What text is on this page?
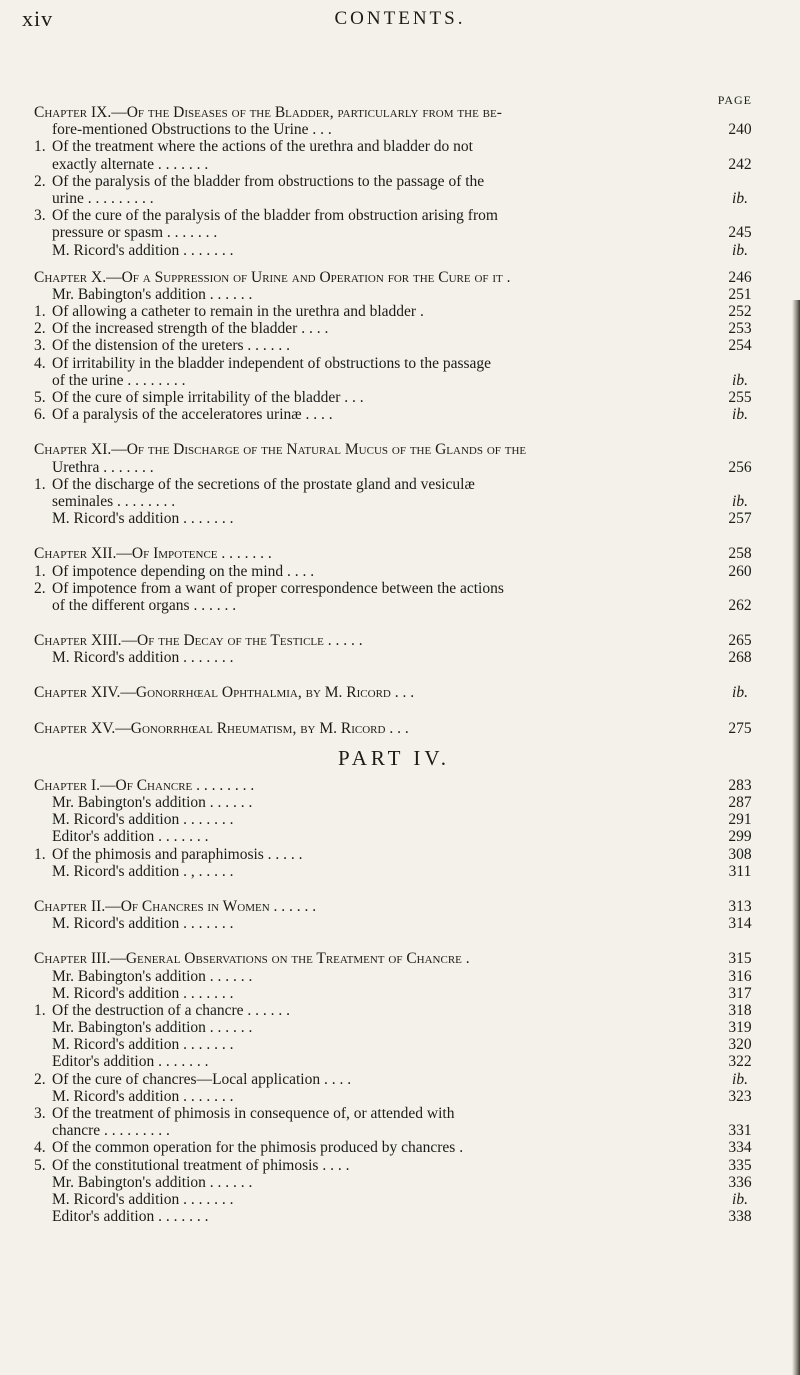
xiv	CONTENTS.
PAGE
Chapter IX.—Of the Diseases of the Bladder, particularly from the be-
fore-mentioned Obstructions to the Urine . . .	240
1. Of the treatment where the actions of the urethra and bladder do not
exactly alternate . . . . . . .	242
2. Of the paralysis of the bladder from obstructions to the passage of the
urine . . . . . . . . .	ib.
3. Of the cure of the paralysis of the bladder from obstruction arising from
pressure or spasm . . . . . . .	245
M. Ricord's addition . . . . . . .	ib.
Chapter X.—Of a Suppression of Urine and Operation for the Cure of it .	246
Mr. Babington's addition . . . . . .	251
1. Of allowing a catheter to remain in the urethra and bladder .	252
2. Of the increased strength of the bladder . . . .	253
3. Of the distension of the ureters . . . . . .	254
4. Of irritability in the bladder independent of obstructions to the passage
of the urine . . . . . . . .	ib.
5. Of the cure of simple irritability of the bladder . . .	255
6. Of a paralysis of the acceleratores urinæ . . . .	ib.
Chapter XI.—Of the Discharge of the Natural Mucus of the Glands of the
Urethra . . . . . . .	256
1. Of the discharge of the secretions of the prostate gland and vesiculæ
seminales . . . . . . . .	ib.
M. Ricord's addition . . . . . . .	257
Chapter XII.—Of Impotence . . . . . . .	258
1. Of impotence depending on the mind . . . .	260
2. Of impotence from a want of proper correspondence between the actions
of the different organs . . . . . .	262
Chapter XIII.—Of the Decay of the Testicle . . . . .	265
M. Ricord's addition . . . . . . .	268
Chapter XIV.—Gonorrhœal Ophthalmia, by M. Ricord . . .	ib.
Chapter XV.—Gonorrhœal Rheumatism, by M. Ricord . . .	275
PART IV.
Chapter I.—Of Chancre . . . . . . . .	283
Mr. Babington's addition . . . . . .	287
M. Ricord's addition . . . . . . .	291
Editor's addition . . . . . . .	299
1. Of the phimosis and paraphimosis . . . . .	308
M. Ricord's addition . , . . . . .	311
Chapter II.—Of Chancres in Women . . . . . .	313
M. Ricord's addition . . . . . . .	314
Chapter III.—General Observations on the Treatment of Chancre .	315
Mr. Babington's addition . . . . . .	316
M. Ricord's addition . . . . . . .	317
1. Of the destruction of a chancre . . . . . .	318
Mr. Babington's addition . . . . . .	319
M. Ricord's addition . . . . . . .	320
Editor's addition . . . . . . .	322
2. Of the cure of chancres—Local application . . . .	ib.
M. Ricord's addition . . . . . . .	323
3. Of the treatment of phimosis in consequence of, or attended with
chancre . . . . . . . . .	331
4. Of the common operation for the phimosis produced by chancres .	334
5. Of the constitutional treatment of phimosis . . . .	335
Mr. Babington's addition . . . . . .	336
M. Ricord's addition . . . . . . .	ib.
Editor's addition . . . . . . .	338
